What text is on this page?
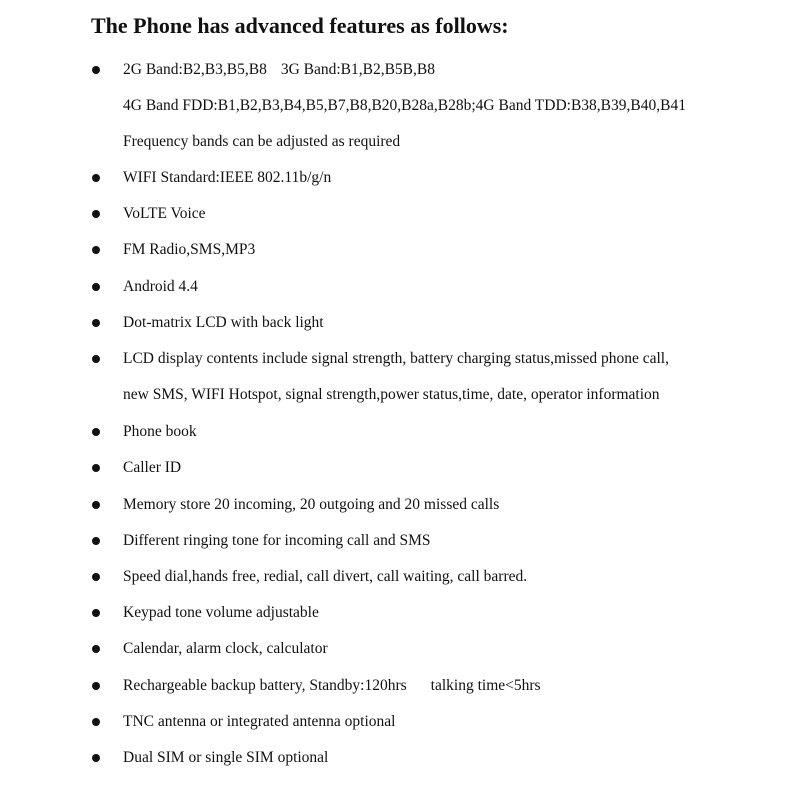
The Phone has advanced features as follows:
2G Band:B2,B3,B5,B8 3G Band:B1,B2,B5B,B8
4G Band FDD:B1,B2,B3,B4,B5,B7,B8,B20,B28a,B28b;4G Band TDD:B38,B39,B40,B41
Frequency bands can be adjusted as required
WIFI Standard:IEEE 802.11b/g/n
VoLTE Voice
FM Radio,SMS,MP3
Android 4.4
Dot-matrix LCD with back light
LCD display contents include signal strength, battery charging status,missed phone call,
new SMS, WIFI Hotspot, signal strength,power status,time, date, operator information
Phone book
Caller ID
Memory store 20 incoming, 20 outgoing and 20 missed calls
Different ringing tone for incoming call and SMS
Speed dial,hands free, redial, call divert, call waiting, call barred.
Keypad tone volume adjustable
Calendar, alarm clock, calculator
Rechargeable backup battery, Standby:120hrs talking time<5hrs
TNC antenna or integrated antenna optional
Dual SIM or single SIM optional
